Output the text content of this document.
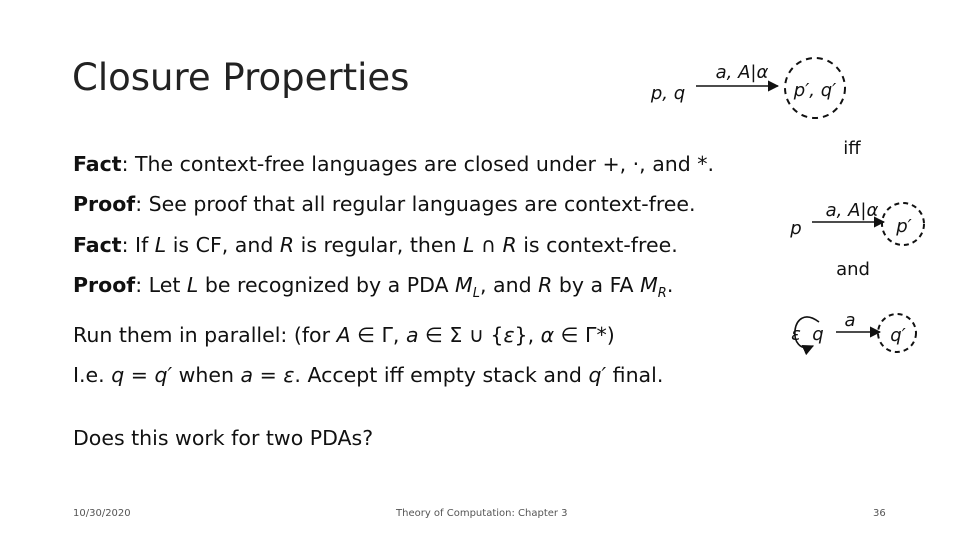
Closure Properties
Fact: The context-free languages are closed under +, ·, and *.
Proof: See proof that all regular languages are context-free.
Fact: If L is CF, and R is regular, then L ∩ R is context-free.
Proof: Let L be recognized by a PDA $M_L$, and R by a FA $M_R$.
Run them in parallel: (for A ∈ Γ, a ∈ Σ ∪ {ε}, α ∈ Γ*)
I.e. q = q′ when a = ε. Accept iff empty stack and q′ final.
Does this work for two PDAs?
p, q
a, A|α
p′, q′
iff
p
a, A|α
p′
and
ε q
a
q′
10/30/2020	Theory of Computation: Chapter 3	36
